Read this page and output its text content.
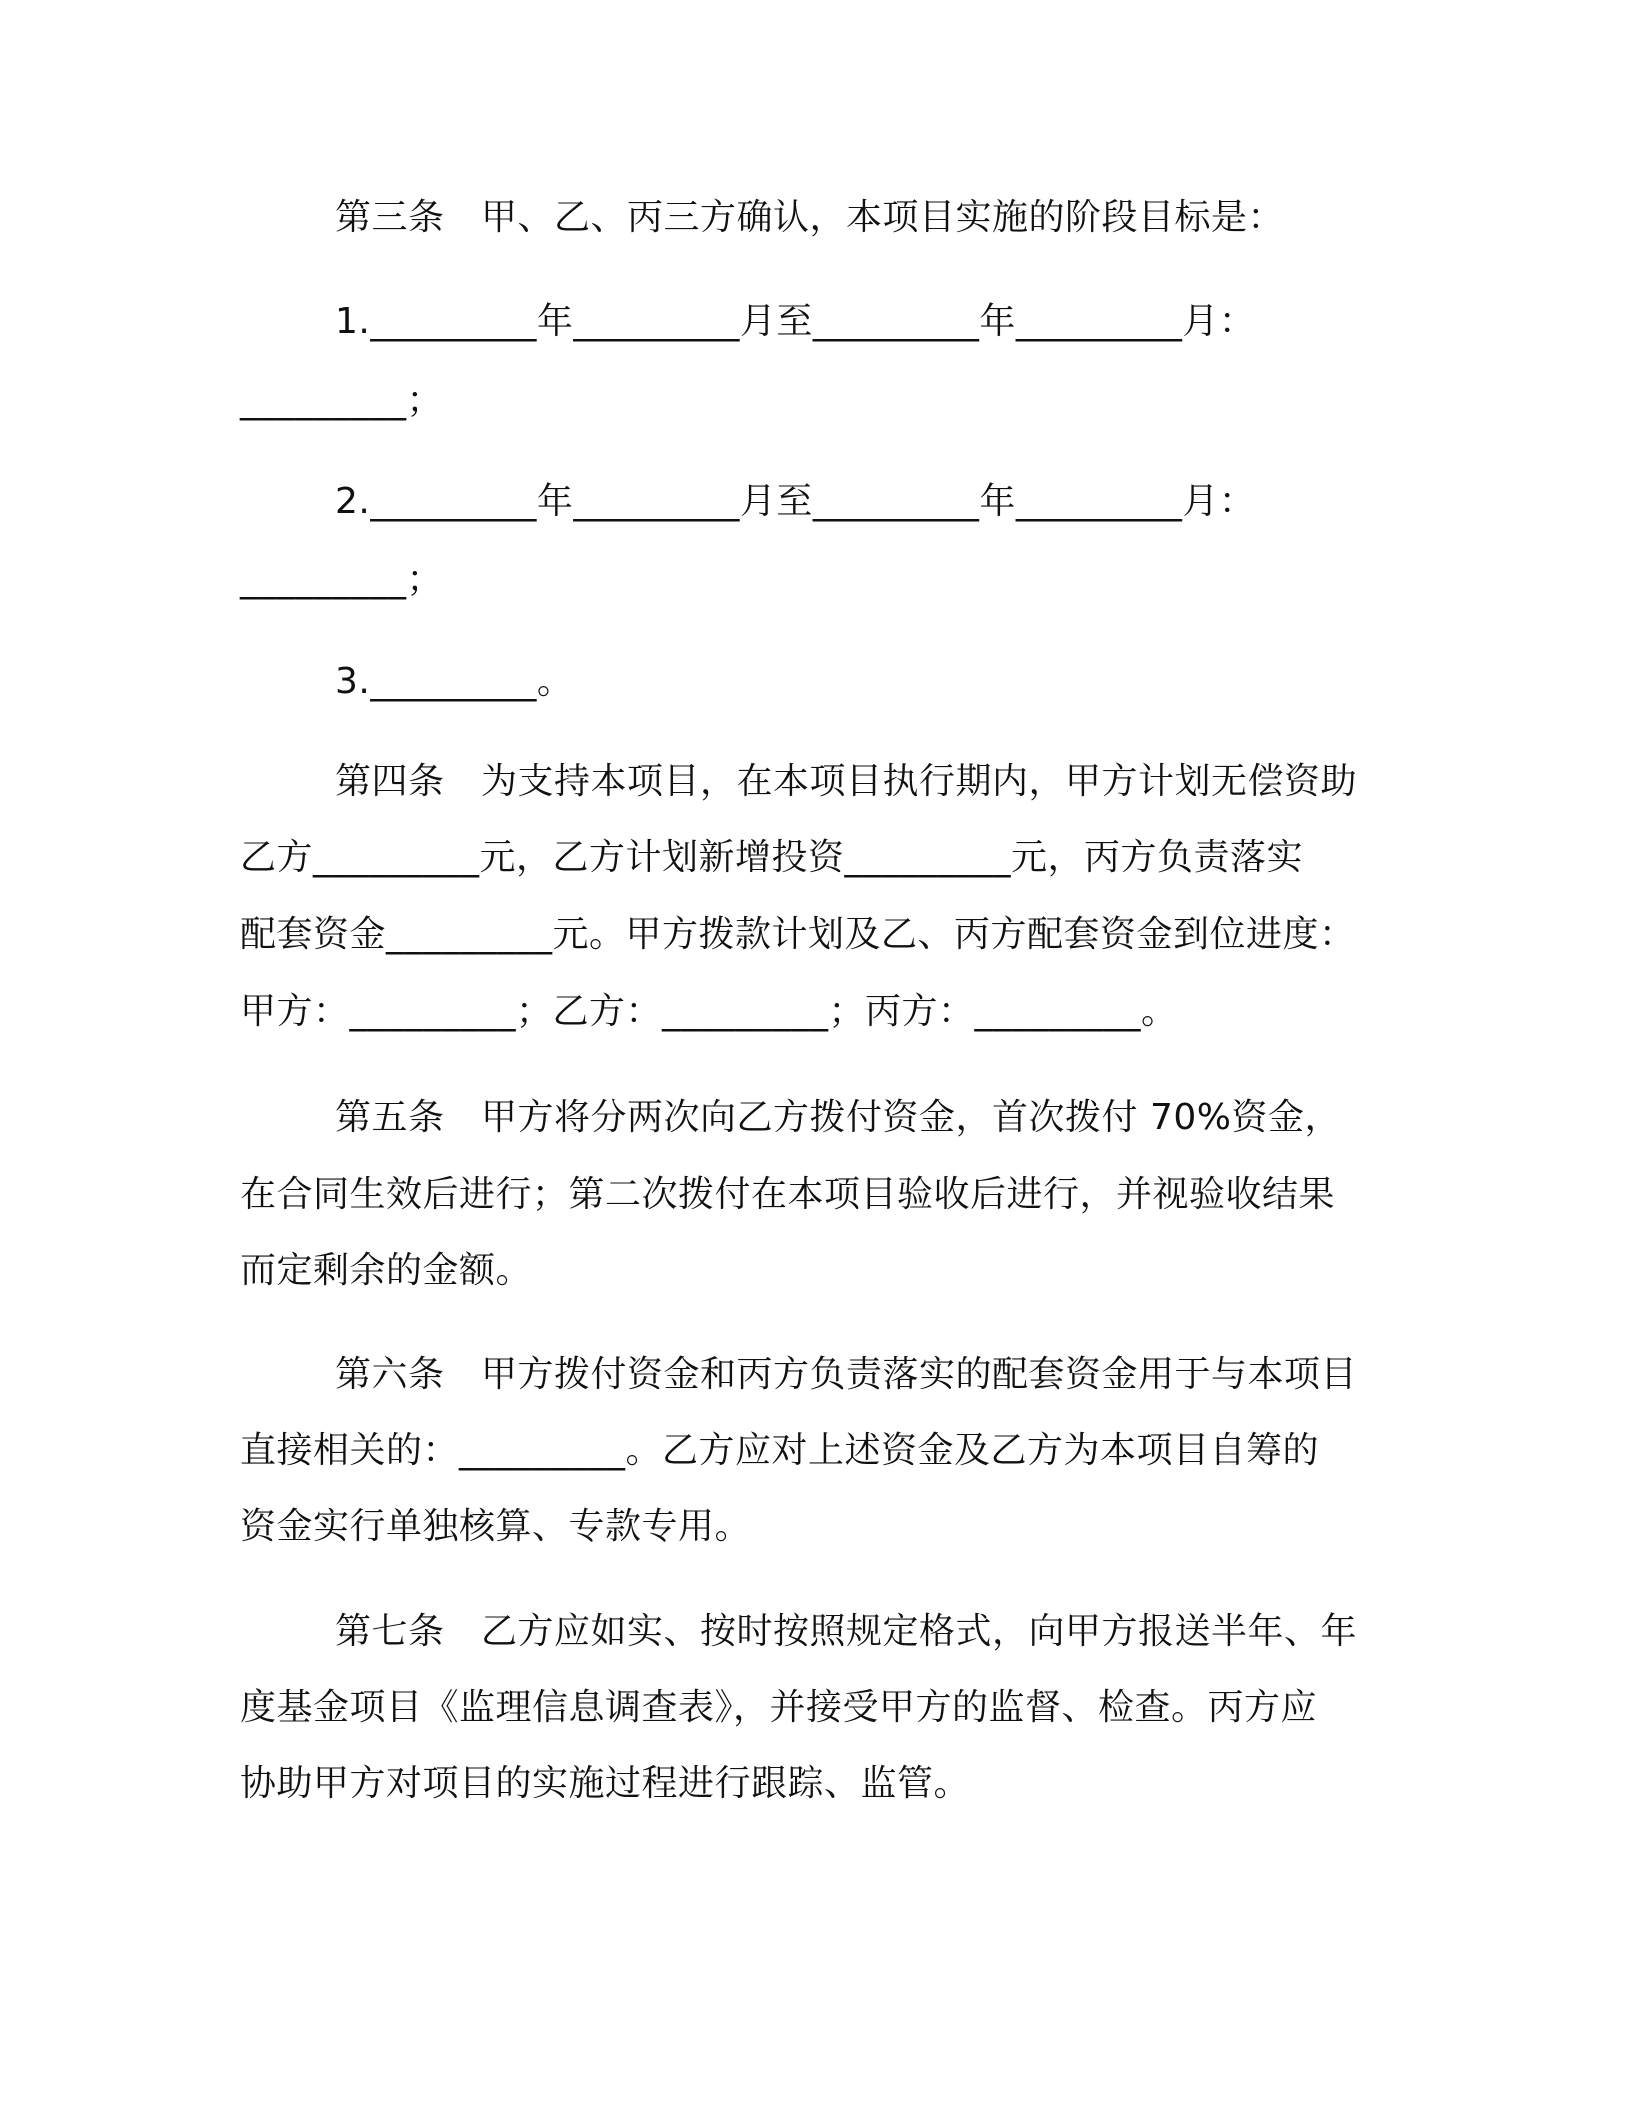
第三条　甲、乙、丙三方确认，本项目实施的阶段目标是：

1._________年_________月至_________年_________月：

_________；

2._________年_________月至_________年_________月：

_________；

3._________。

第四条　为支持本项目，在本项目执行期内，甲方计划无偿资助

乙方_________元，乙方计划新增投资_________元，丙方负责落实

配套资金_________元。甲方拨款计划及乙、丙方配套资金到位进度：

甲方：_________；乙方：_________；丙方：_________。

第五条　甲方将分两次向乙方拨付资金，首次拨付 70%资金，

在合同生效后进行；第二次拨付在本项目验收后进行，并视验收结果

而定剩余的金额。

第六条　甲方拨付资金和丙方负责落实的配套资金用于与本项目

直接相关的：_________。乙方应对上述资金及乙方为本项目自筹的

资金实行单独核算、专款专用。

第七条　乙方应如实、按时按照规定格式，向甲方报送半年、年

度基金项目《监理信息调查表》，并接受甲方的监督、检查。丙方应

协助甲方对项目的实施过程进行跟踪、监管。
